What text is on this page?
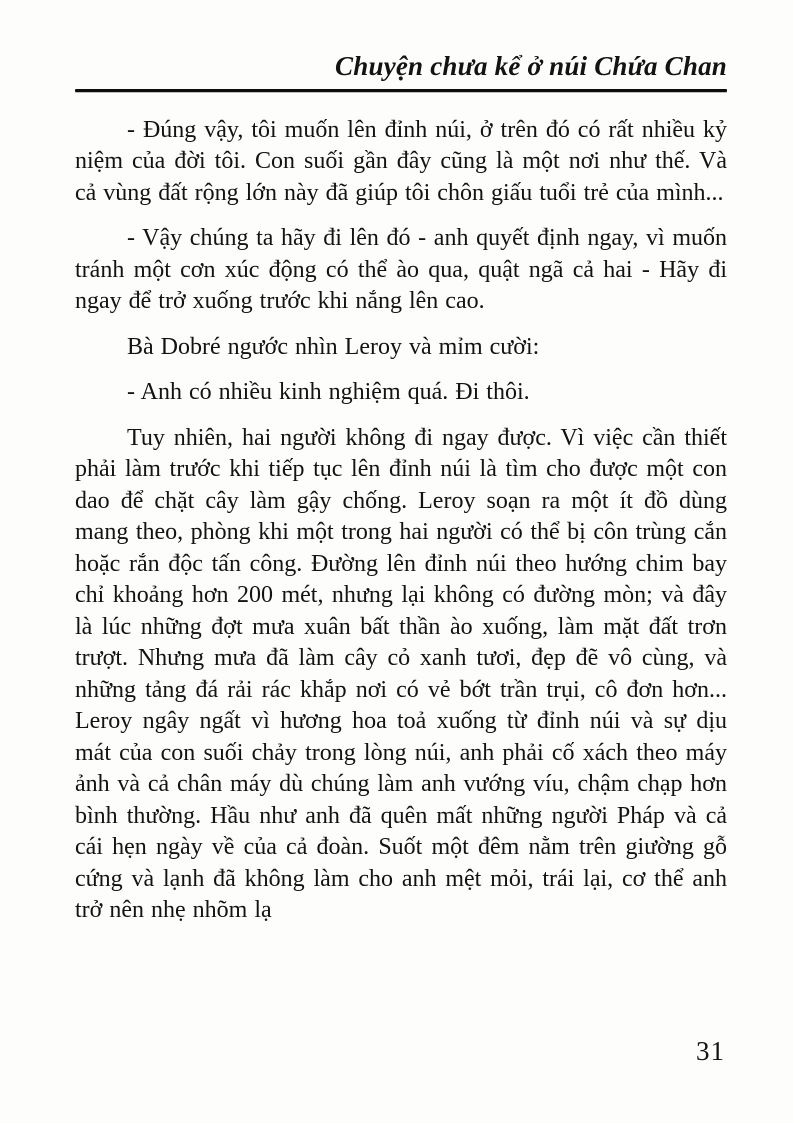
Chuyện chưa kể ở núi Chứa Chan

- Đúng vậy, tôi muốn lên đỉnh núi, ở trên đó có rất nhiều kỷ niệm của đời tôi. Con suối gần đây cũng là một nơi như thế. Và cả vùng đất rộng lớn này đã giúp tôi chôn giấu tuổi trẻ của mình...

- Vậy chúng ta hãy đi lên đó - anh quyết định ngay, vì muốn tránh một cơn xúc động có thể ào qua, quật ngã cả hai - Hãy đi ngay để trở xuống trước khi nắng lên cao.

Bà Dobré ngước nhìn Leroy và mỉm cười:

- Anh có nhiều kinh nghiệm quá. Đi thôi.

Tuy nhiên, hai người không đi ngay được. Vì việc cần thiết phải làm trước khi tiếp tục lên đỉnh núi là tìm cho được một con dao để chặt cây làm gậy chống. Leroy soạn ra một ít đồ dùng mang theo, phòng khi một trong hai người có thể bị côn trùng cắn hoặc rắn độc tấn công. Đường lên đỉnh núi theo hướng chim bay chỉ khoảng hơn 200 mét, nhưng lại không có đường mòn; và đây là lúc những đợt mưa xuân bất thần ào xuống, làm mặt đất trơn trượt. Nhưng mưa đã làm cây cỏ xanh tươi, đẹp đẽ vô cùng, và những tảng đá rải rác khắp nơi có vẻ bớt trần trụi, cô đơn hơn... Leroy ngây ngất vì hương hoa toả xuống từ đỉnh núi và sự dịu mát của con suối chảy trong lòng núi, anh phải cố xách theo máy ảnh và cả chân máy dù chúng làm anh vướng víu, chậm chạp hơn bình thường. Hầu như anh đã quên mất những người Pháp và cả cái hẹn ngày về của cả đoàn. Suốt một đêm nằm trên giường gỗ cứng và lạnh đã không làm cho anh mệt mỏi, trái lại, cơ thể anh trở nên nhẹ nhõm lạ

31
